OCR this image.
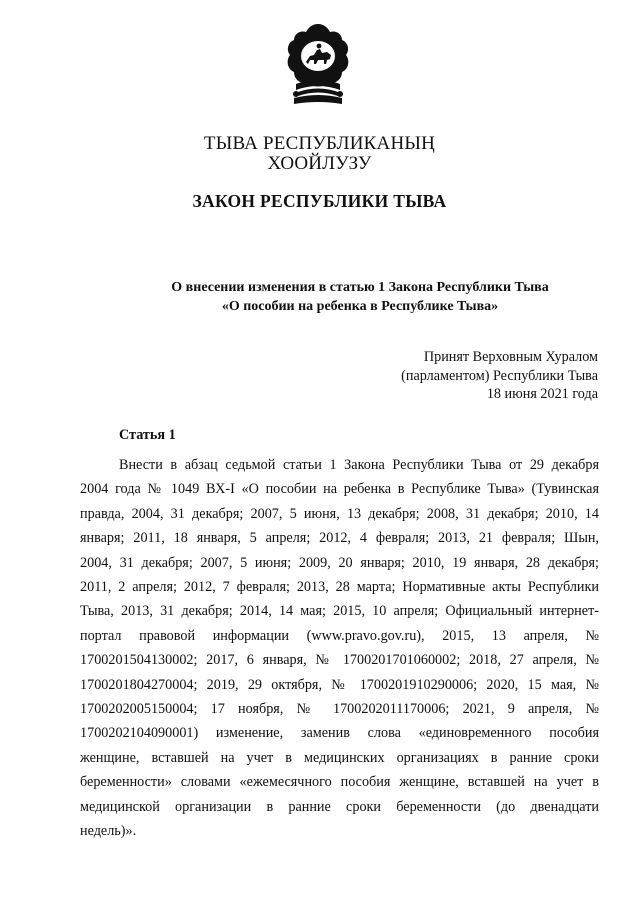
ТЫВА РЕСПУБЛИКАНЫҢ
ХООЙЛУЗУ
ЗАКОН РЕСПУБЛИКИ ТЫВА
О внесении изменения в статью 1 Закона Республики Тыва
«О пособии на ребенка в Республике Тыва»
Принят Верховным Хуралом
(парламентом) Республики Тыва
18 июня 2021 года
Статья 1
Внести в абзац седьмой статьи 1 Закона Республики Тыва от 29 декабря
2004 года № 1049 ВХ-I «О пособии на ребенка в Республике Тыва» (Тувинская
правда, 2004, 31 декабря; 2007, 5 июня, 13 декабря; 2008, 31 декабря; 2010, 14
января; 2011, 18 января, 5 апреля; 2012, 4 февраля; 2013, 21 февраля; Шын,
2004, 31 декабря; 2007, 5 июня; 2009, 20 января; 2010, 19 января, 28 декабря;
2011, 2 апреля; 2012, 7 февраля; 2013, 28 марта; Нормативные акты Республики
Тыва, 2013, 31 декабря; 2014, 14 мая; 2015, 10 апреля; Официальный интернет-
портал правовой информации (www.pravo.gov.ru), 2015, 13 апреля, №
1700201504130002; 2017, 6 января, № 1700201701060002; 2018, 27 апреля, №
1700201804270004; 2019, 29 октября, № 1700201910290006; 2020, 15 мая, №
1700202005150004; 17 ноября, № 1700202011170006; 2021, 9 апреля, №
1700202104090001) изменение, заменив слова «единовременного пособия
женщине, вставшей на учет в медицинских организациях в ранние сроки
беременности» словами «ежемесячного пособия женщине, вставшей на учет в
медицинской организации в ранние сроки беременности (до двенадцати
недель)».
